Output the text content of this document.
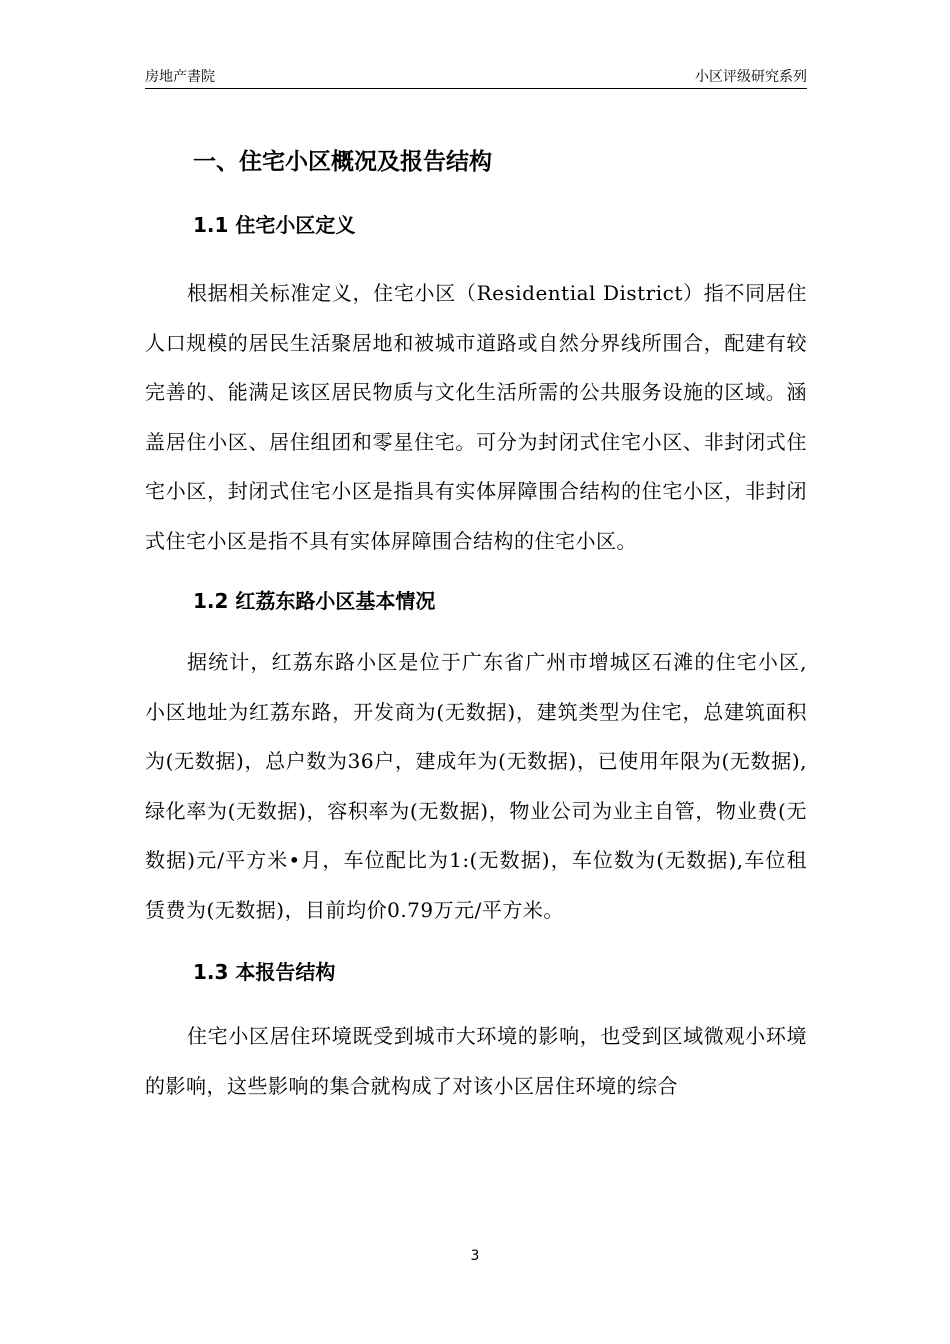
房地产書院	小区评级研究系列
一、住宅小区概况及报告结构
1.1 住宅小区定义

根据相关标准定义，住宅小区（Residential District）指不同居住人口规模的居民生活聚居地和被城市道路或自然分界线所围合，配建有较完善的、能满足该区居民物质与文化生活所需的公共服务设施的区域。涵盖居住小区、居住组团和零星住宅。可分为封闭式住宅小区、非封闭式住宅小区，封闭式住宅小区是指具有实体屏障围合结构的住宅小区，非封闭式住宅小区是指不具有实体屏障围合结构的住宅小区。

1.2 红荔东路小区基本情况

据统计，红荔东路小区是位于广东省广州市增城区石滩的住宅小区,小区地址为红荔东路，开发商为(无数据)，建筑类型为住宅，总建筑面积为(无数据)，总户数为36户，建成年为(无数据)，已使用年限为(无数据),绿化率为(无数据)，容积率为(无数据)，物业公司为业主自管，物业费(无数据)元/平方米•月，车位配比为1:(无数据)，车位数为(无数据),车位租赁费为(无数据)，目前均价0.79万元/平方米。

1.3 本报告结构

住宅小区居住环境既受到城市大环境的影响，也受到区域微观小环境的影响，这些影响的集合就构成了对该小区居住环境的综合

3
